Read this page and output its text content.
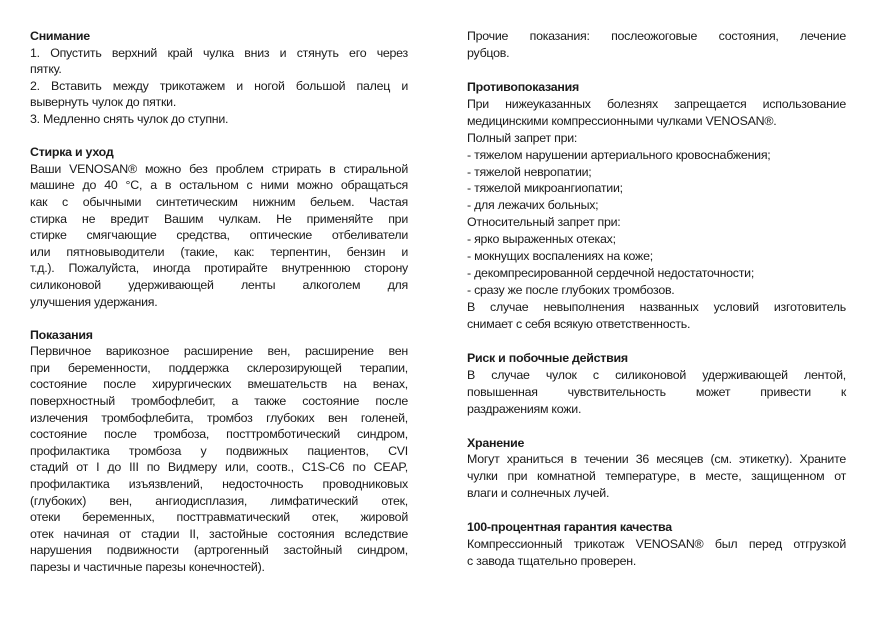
Снимание
1. Опустить верхний край чулка вниз и стянуть его через
пятку.
2. Вставить между трикотажем и ногой большой палец и
вывернуть чулок до пятки.
3. Медленно снять чулок до ступни.
Стирка и уход
Ваши VENOSAN® можно без проблем стрирать в стиральной
машине до 40 °C, а в остальном с ними можно обращаться
как с обычными синтетическим нижним бельем. Частая
стирка не вредит Вашим чулкам. Не применяйте при
стирке смягчающие средства, оптические отбеливатели
или пятновыводители (такие, как: терпентин, бензин и
т.д.). Пожалуйста, иногда протирайте внутреннюю сторону
силиконовой удерживающей ленты алкоголем для
улучшения удержания.
Показания
Первичное варикозное расширение вен, расширение вен
при беременности, поддержка склерозирующей терапии,
состояние после хирургических вмешательств на венах,
поверхностный тромбофлебит, а также состояние после
излечения тромбофлебита, тромбоз глубоких вен голеней,
состояние после тромбоза, посттромботический синдром,
профилактика тромбоза у подвижных пациентов, CVI
стадий от I до III по Видмеру или, соотв., C1S-C6 по CEAP,
профилактика изъязвлений, недосточность проводниковых
(глубоких) вен, ангиодисплазия, лимфатический отек,
отеки беременных, посттравматический отек, жировой
отек начиная от стадии II, застойные состояния вследствие
нарушения подвижности (артрогенный застойный синдром,
парезы и частичные парезы конечностей).
Прочие показания: послеожоговые состояния, лечение
рубцов.
Противопоказания
При нижеуказанных болезнях запрещается использование
медицинскими компрессионными чулками VENOSAN®.
Полный запрет при:
- тяжелом нарушении артериального кровоснабжения;
- тяжелой невропатии;
- тяжелой микроангиопатии;
- для лежачих больных;
Относительный запрет при:
- ярко выраженных отеках;
- мокнущих воспалениях на коже;
- декомпресированной сердечной недостаточности;
- сразу же после глубоких тромбозов.
В случае невыполнения названных условий изготовитель
снимает с себя всякую ответственность.
Риск и побочные действия
В случае чулок с силиконовой удерживающей лентой,
повышенная чувствительность может привести к
раздражениям кожи.
Хранение
Могут храниться в течении 36 месяцев (см. этикетку). Храните
чулки при комнатной температуре, в месте, защищенном от
влаги и солнечных лучей.
100-процентная гарантия качества
Компрессионный трикотаж VENOSAN® был перед отгрузкой
с завода тщательно проверен.
